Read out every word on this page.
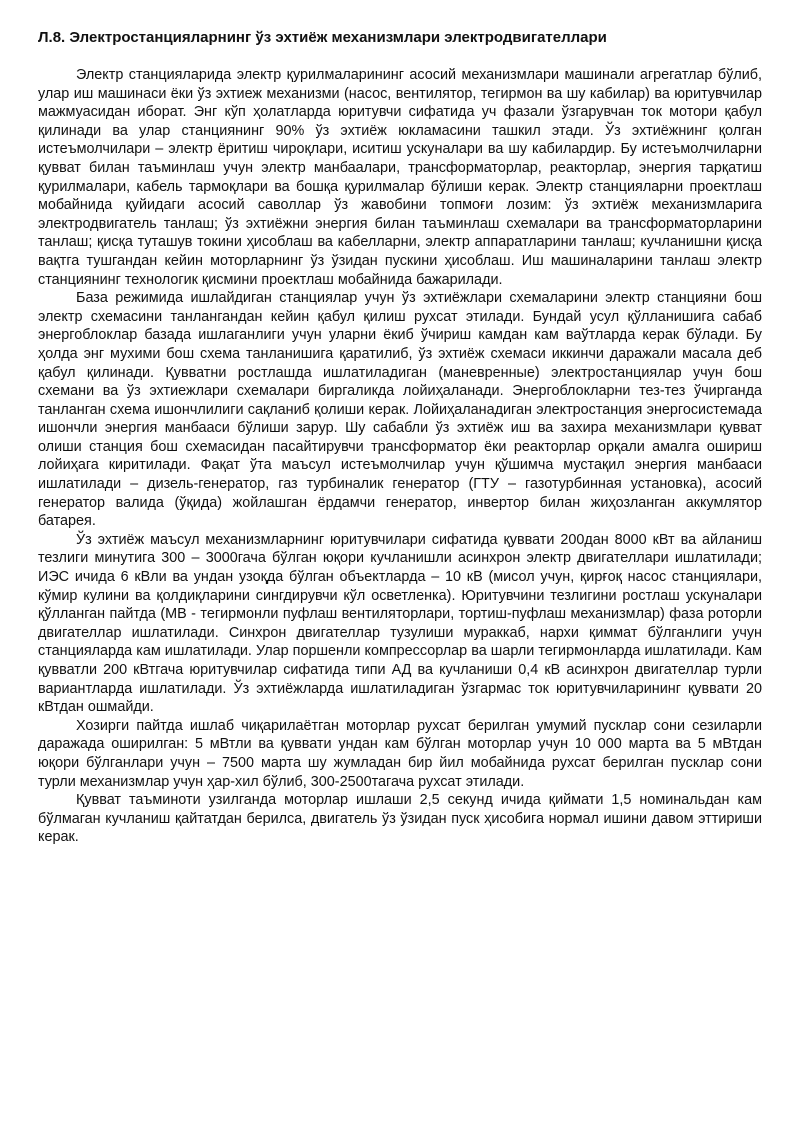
Л.8. Электростанцияларнинг ўз эхтиёж механизмлари электродвигателлари

Электр станцияларида электр қурилмаларининг асосий механизмлари машинали агрегатлар бўлиб, улар иш машинаси ёки ўз эхтиеж механизми (насос, вентилятор, тегирмон ва шу кабилар) ва юритувчилар мажмуасидан иборат. Энг кўп ҳолатларда юритувчи сифатида уч фазали ўзгарувчан ток мотори қабул қилинади ва улар станциянинг 90% ўз эхтиёж юкламасини ташкил этади. Ўз эхтиёжнинг қолган истеъмолчилари – электр ёритиш чироқлари, иситиш ускуналари ва шу кабилардир. Бу истеъмолчиларни қувват билан таъминлаш учун электр манбаалари, трансформаторлар, реакторлар, энергия тарқатиш қурилмалари, кабель тармоқлари ва бошқа қурилмалар бўлиши керак. Электр станцияларни проектлаш мобайнида қуйидаги асосий саволлар ўз жавобини топмоғи лозим: ўз эхтиёж механизмларига электродвигатель танлаш; ўз эхтиёжни энергия билан таъминлаш схемалари ва трансформаторларини танлаш; қисқа туташув токини ҳисоблаш ва кабелларни, электр аппаратларини танлаш; кучланишни қисқа вақтга тушгандан кейин моторларнинг ўз ўзидан пускини ҳисоблаш. Иш машиналарини танлаш электр станциянинг технологик қисмини проектлаш мобайнида бажарилади.

База режимида ишлайдиган станциялар учун ўз эхтиёжлари схемаларини электр станцияни бош электр схемасини танлангандан кейин қабул қилиш рухсат этилади. Бундай усул қўлланишига сабаб энергоблоклар базада ишлаганлиги учун уларни ёкиб ўчириш камдан кам ваўтларда керак бўлади. Бу ҳолда энг мухими бош схема танланишига қаратилиб, ўз эхтиёж схемаси иккинчи даражали масала деб қабул қилинади. Қувватни ростлашда ишлатиладиган (маневренные) электростанциялар учун бош схемани ва ўз эхтиежлари схемалари биргаликда лойиҳаланади. Энергоблокларни тез-тез ўчирганда танланган схема ишончлилиги сақланиб қолиши керак. Лойиҳаланадиган электростанция энергосистемада ишончли энергия манбааси бўлиши зарур. Шу сабабли ўз эхтиёж иш ва захира механизмлари қувват олиши станция бош схемасидан пасайтирувчи трансформатор ёки реакторлар орқали амалга ошириш лойиҳага киритилади. Фақат ўта маъсул истеъмолчилар учун қўшимча мустақил энергия манбааси ишлатилади – дизель-генератор, газ турбиналик генератор (ГТУ – газотурбинная установка), асосий генератор валида (ўқида) жойлашган ёрдамчи генератор, инвертор билан жиҳозланган аккумлятор батарея.

Ўз эхтиёж маъсул механизмларнинг юритувчилари сифатида қуввати 200дан 8000 кВт ва айланиш тезлиги минутига 300 – 3000гача бўлган юқори кучланишли асинхрон электр двигателлари ишлатилади; ИЭС ичида 6 кВли ва ундан узоқда бўлган объектларда – 10 кВ (мисол учун, қирғоқ насос станциялари, кўмир кулини ва қолдиқларини сингдирувчи кўл осветленка). Юритувчини тезлигини ростлаш ускуналари қўлланган пайтда (МВ - тегирмонли пуфлаш вентиляторлари, тортиш-пуфлаш механизмлар) фаза роторли двигателлар ишлатилади. Синхрон двигателлар тузулиши мураккаб, нархи қиммат бўлганлиги учун станцияларда кам ишлатилади. Улар поршенли компрессорлар ва шарли тегирмонларда ишлатилади. Кам қувватли 200 кВтгача юритувчилар сифатида типи АД ва кучланиши 0,4 кВ асинхрон двигателлар турли вариантларда ишлатилади. Ўз эхтиёжларда ишлатиладиган ўзгармас ток юритувчиларининг қуввати 20 кВтдан ошмайди.

Хозирги пайтда ишлаб чиқарилаётган моторлар рухсат берилган умумий пусклар сони сезиларли даражада оширилган: 5 мВтли ва қуввати ундан кам бўлган моторлар учун 10 000 марта ва 5 мВтдан юқори бўлганлари учун – 7500 марта шу жумладан бир йил мобайнида рухсат берилган пусклар сони турли механизмлар учун ҳар-хил бўлиб, 300-2500тагача рухсат этилади.

Қувват таъминоти узилганда моторлар ишлаши 2,5 секунд ичида қиймати 1,5 номинальдан кам бўлмаган кучланиш қайтатдан берилса, двигатель ўз ўзидан пуск ҳисобига нормал ишини давом эттириши керак.
